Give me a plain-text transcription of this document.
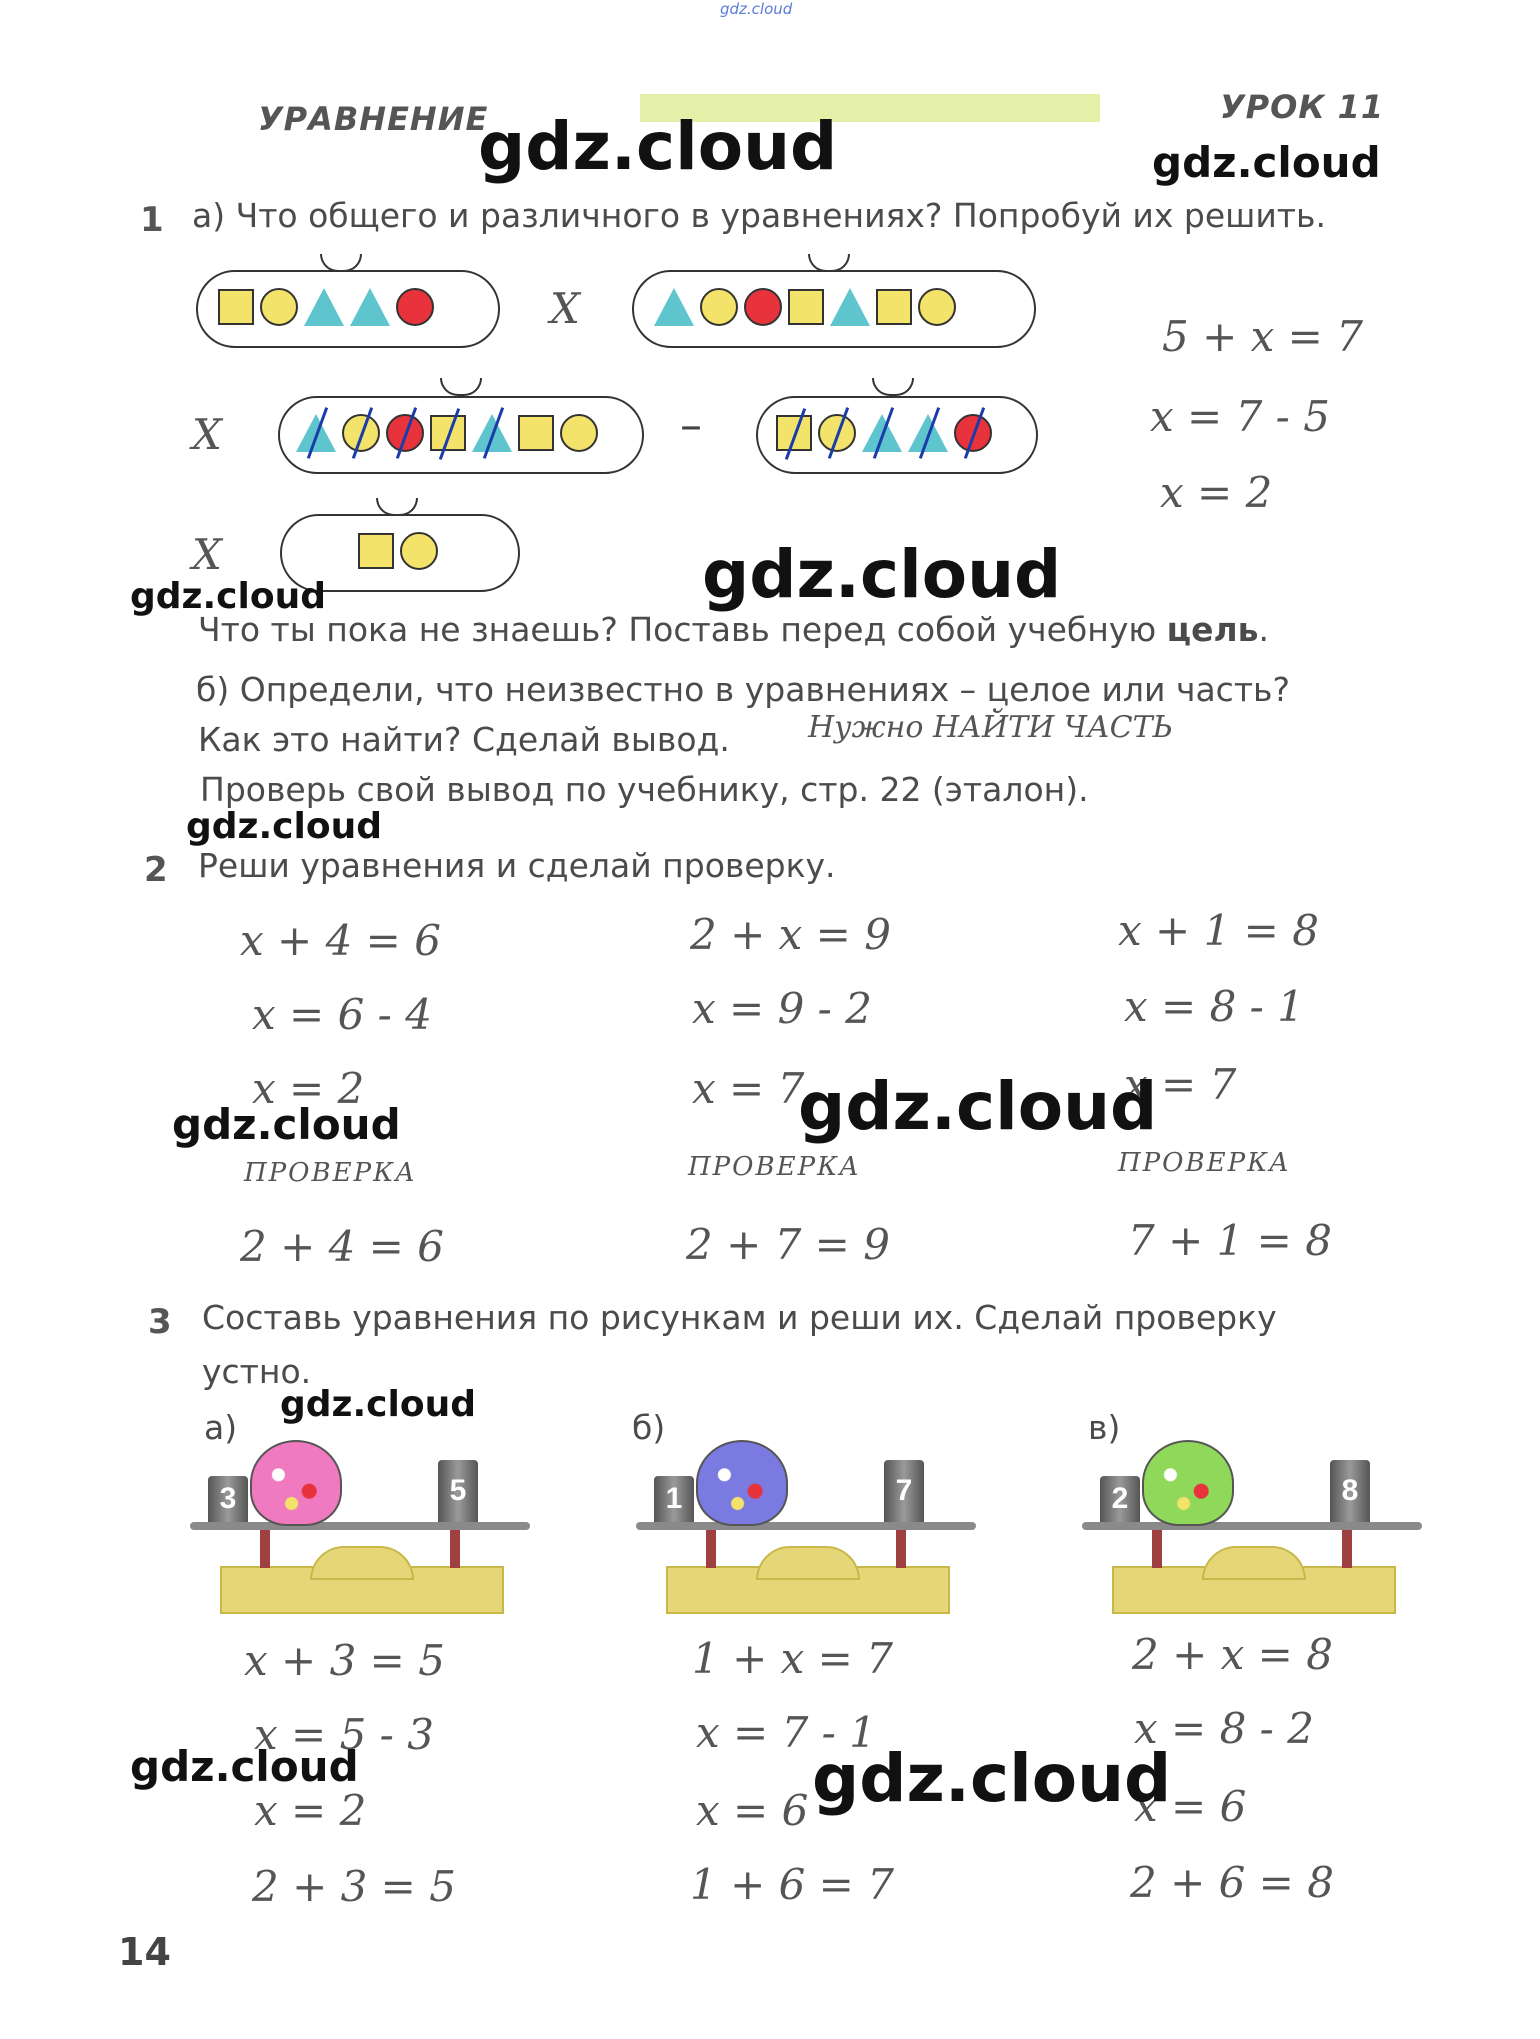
gdz.cloud
УРАВНЕНИЕ	УРОК 11
1 а) Что общего и различного в уравнениях? Попробуй их решить.
X
X	–
X
5 + x = 7
x = 7 - 5
x = 2
Что ты пока не знаешь? Поставь перед собой учебную цель.
б) Определи, что неизвестно в уравнениях – целое или часть?
Как это найти? Сделай вывод.	Нужно НАЙТИ ЧАСТЬ
Проверь свой вывод по учебнику, стр. 22 (эталон).
2 Реши уравнения и сделай проверку.
x + 4 = 6
x = 6 - 4
x = 2
ПРОВЕРКА
2 + 4 = 6
2 + x = 9
x = 9 - 2
x = 7
ПРОВЕРКА
2 + 7 = 9
x + 1 = 8
x = 8 - 1
x = 7
ПРОВЕРКА
7 + 1 = 8
3 Составь уравнения по рисункам и реши их. Сделай проверку
устно.
а)
3	5
б)
1	7
в)
2	8
x + 3 = 5
x = 5 - 3
x = 2
2 + 3 = 5
1 + x = 7
x = 7 - 1
x = 6
1 + 6 = 7
2 + x = 8
x = 8 - 2
x = 6
2 + 6 = 8
14
gdz.cloud	gdz.cloud
gdz.cloud
gdz.cloud
gdz.cloud
gdz.cloud
gdz.cloud
gdz.cloud
gdz.cloud	gdz.cloud
